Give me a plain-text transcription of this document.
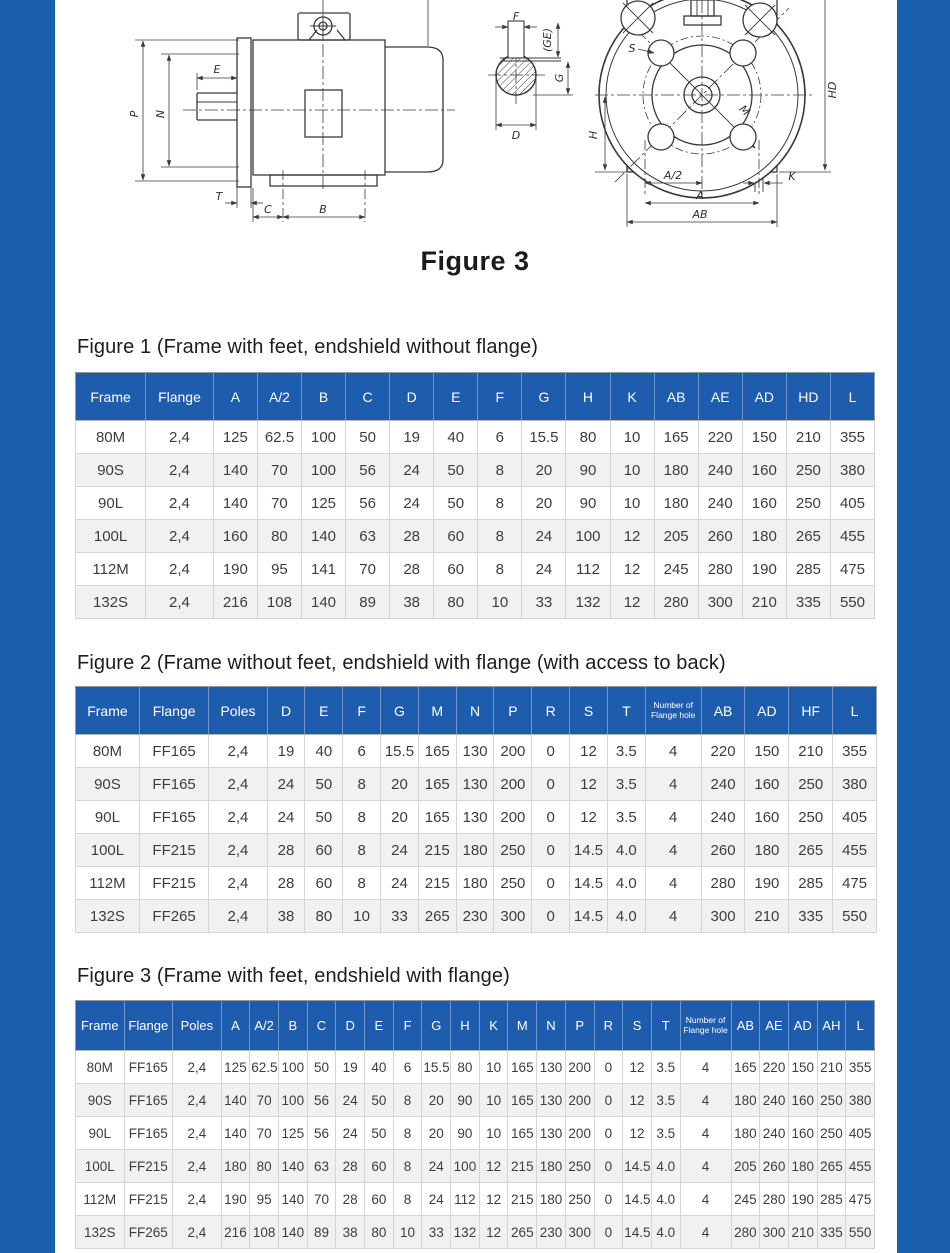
P N
E
T
C	B
F
(GE)
G
D
S
M
HD
H
A/2	K
A
AB
Figure 3
Figure 1 (Frame with feet, endshield without flange)
Frame	Flange	A	A/2	B	C	D	E	F	G	H	K	AB	AE	AD	HD	L
80M	2,4	125	62.5	100	50	19	40	6	15.5	80	10	165	220	150	210	355
90S	2,4	140	70	100	56	24	50	8	20	90	10	180	240	160	250	380
90L	2,4	140	70	125	56	24	50	8	20	90	10	180	240	160	250	405
100L	2,4	160	80	140	63	28	60	8	24	100	12	205	260	180	265	455
112M	2,4	190	95	141	70	28	60	8	24	112	12	245	280	190	285	475
132S	2,4	216	108	140	89	38	80	10	33	132	12	280	300	210	335	550
Figure 2 (Frame without feet, endshield with flange (with access to back)
Frame	Flange	Poles	D	E	F	G	M	N	P	R	S	T	Number of Flange hole	AB	AD	HF	L
80M	FF165	2,4	19	40	6	15.5	165	130	200	0	12	3.5	4	220	150	210	355
90S	FF165	2,4	24	50	8	20	165	130	200	0	12	3.5	4	240	160	250	380
90L	FF165	2,4	24	50	8	20	165	130	200	0	12	3.5	4	240	160	250	405
100L	FF215	2,4	28	60	8	24	215	180	250	0	14.5	4.0	4	260	180	265	455
112M	FF215	2,4	28	60	8	24	215	180	250	0	14.5	4.0	4	280	190	285	475
132S	FF265	2,4	38	80	10	33	265	230	300	0	14.5	4.0	4	300	210	335	550
Figure 3 (Frame with feet, endshield with flange)
Frame	Flange	Poles	A	A/2	B	C	D	E	F	G	H	K	M	N	P	R	S	T	Number of Flange hole	AB	AE	AD	AH	L
80M	FF165	2,4	125	62.5	100	50	19	40	6	15.5	80	10	165	130	200	0	12	3.5	4	165	220	150	210	355
90S	FF165	2,4	140	70	100	56	24	50	8	20	90	10	165	130	200	0	12	3.5	4	180	240	160	250	380
90L	FF165	2,4	140	70	125	56	24	50	8	20	90	10	165	130	200	0	12	3.5	4	180	240	160	250	405
100L	FF215	2,4	180	80	140	63	28	60	8	24	100	12	215	180	250	0	14.5	4.0	4	205	260	180	265	455
112M	FF215	2,4	190	95	140	70	28	60	8	24	112	12	215	180	250	0	14.5	4.0	4	245	280	190	285	475
132S	FF265	2,4	216	108	140	89	38	80	10	33	132	12	265	230	300	0	14.5	4.0	4	280	300	210	335	550
